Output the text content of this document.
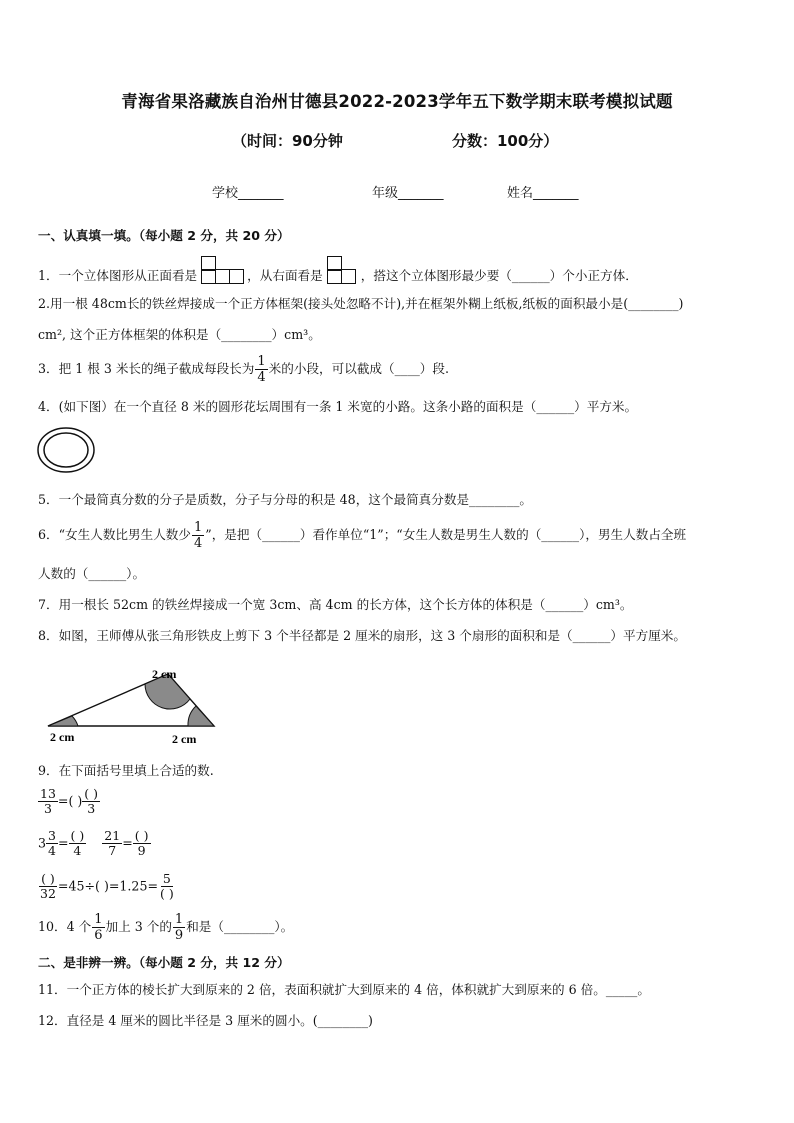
青海省果洛藏族自治州甘德县2022-2023学年五下数学期末联考模拟试题
（时间：90分钟	分数：100分）
学校_______	年级_______	姓名_______
一、认真填一填。（每小题 2 分，共 20 分）
1．一个立体图形从正面看是	，从右面看是	，搭这个立体图形最少要（______）个小正方体．
2.用一根 48cm长的铁丝焊接成一个正方体框架(接头处忽略不计),并在框架外糊上纸板,纸板的面积最小是(________)
cm², 这个正方体框架的体积是（________）cm³。
3．把 1 根 3 米长的绳子截成每段长为 $\frac{1}{4}$ 米的小段，可以截成（____）段.
4．(如下图）在一个直径 8 米的圆形花坛周围有一条 1 米宽的小路。这条小路的面积是（______）平方米。
5．一个最简真分数的分子是质数，分子与分母的积是 48，这个最简真分数是________。
6．“女生人数比男生人数少 $\frac{1}{4}$ ”，是把（______）看作单位“1”；“女生人数是男生人数的（______），男生人数占全班
人数的（______）。
7．用一根长 52cm 的铁丝焊接成一个宽 3cm、高 4cm 的长方体，这个长方体的体积是（______）cm³。
8．如图，王师傅从张三角形铁皮上剪下 3 个半径都是 2 厘米的扇形，这 3 个扇形的面积和是（______）平方厘米。
2 cm
2 cm	2 cm
9．在下面括号里填上合适的数.
$\frac{13}{3}$ =( ) ( )
3
$3 \frac{3}{4}$ = ( )
4
$\frac{21}{7}$ = ( )
9
( )
32
=45÷( )=1.25= 5
( )
10．4 个 $\frac{1}{6}$ 加上 3 个的 $\frac{1}{9}$ 和是（________）。
二、是非辨一辨。（每小题 2 分，共 12 分）
11．一个正方体的棱长扩大到原来的 2 倍，表面积就扩大到原来的 4 倍，体积就扩大到原来的 6 倍。_____。
12．直径是 4 厘米的圆比半径是 3 厘米的圆小。(________)
